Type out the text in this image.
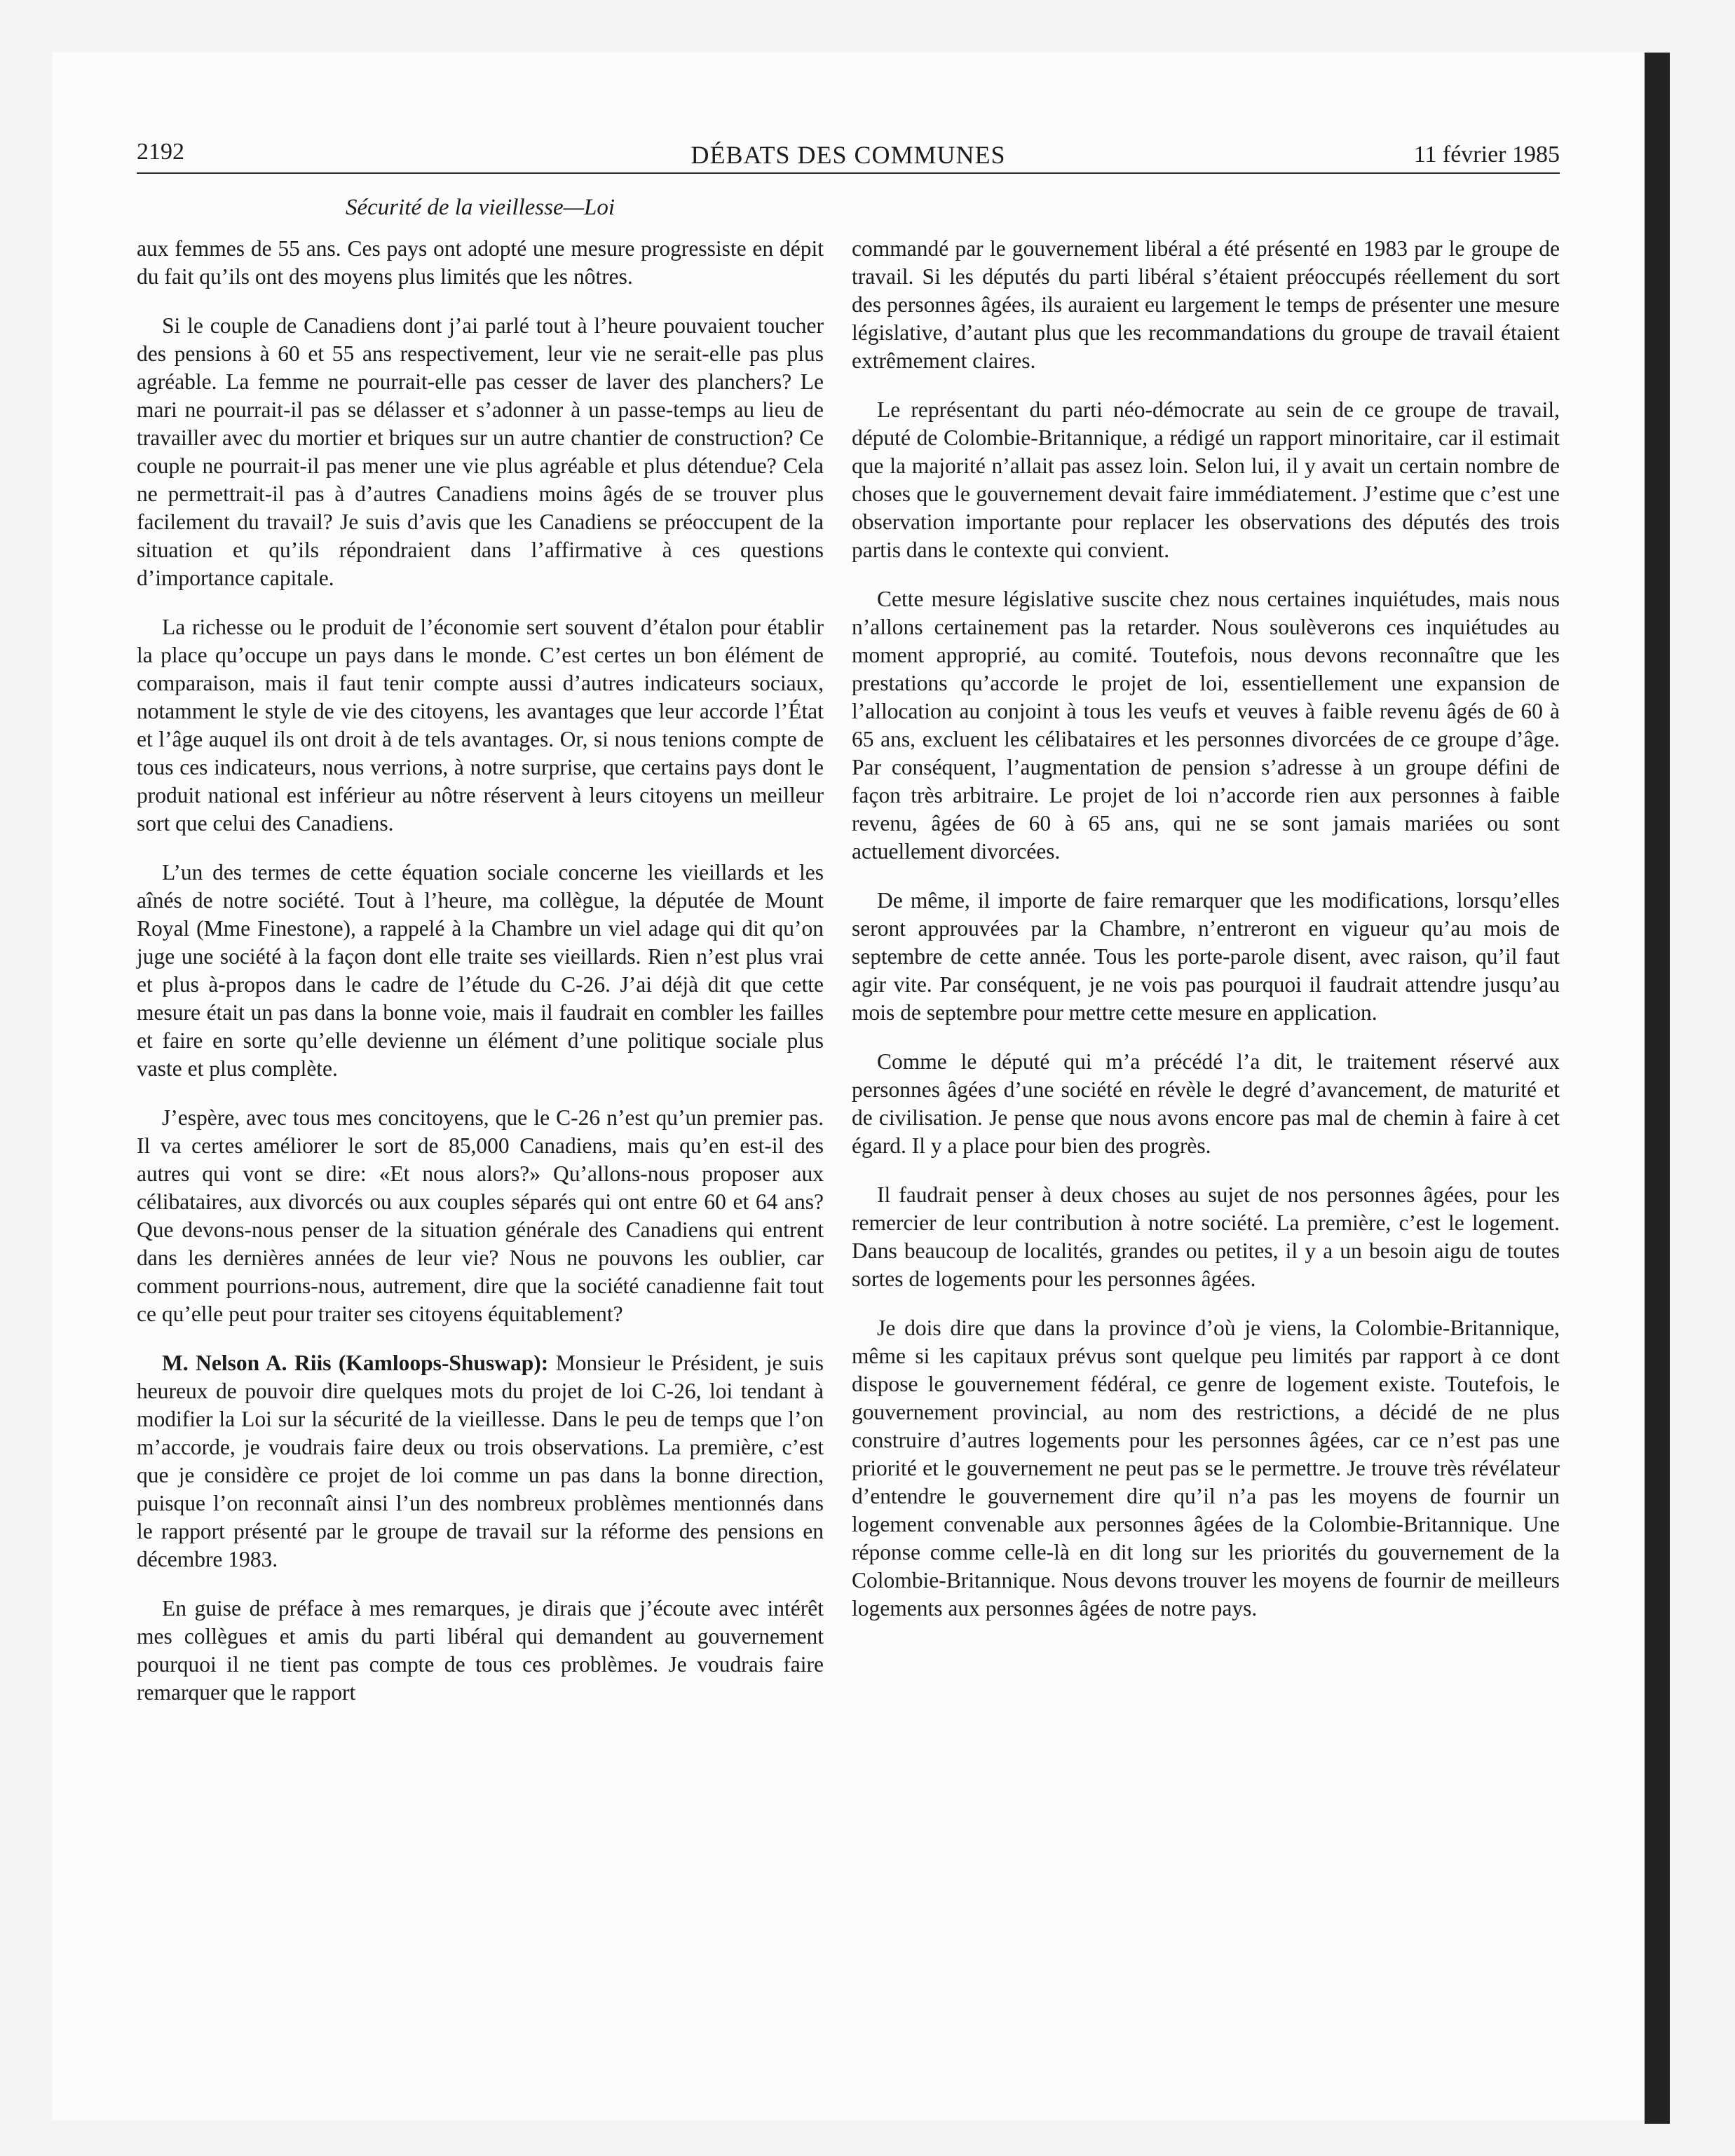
2192	DÉBATS DES COMMUNES	11 février 1985
Sécurité de la vieillesse—Loi

aux femmes de 55 ans. Ces pays ont adopté une mesure progressiste en dépit du fait qu’ils ont des moyens plus limités que les nôtres.

Si le couple de Canadiens dont j’ai parlé tout à l’heure pouvaient toucher des pensions à 60 et 55 ans respectivement, leur vie ne serait-elle pas plus agréable. La femme ne pourrait-elle pas cesser de laver des planchers? Le mari ne pourrait-il pas se délasser et s’adonner à un passe-temps au lieu de travailler avec du mortier et briques sur un autre chantier de construction? Ce couple ne pourrait-il pas mener une vie plus agréable et plus détendue? Cela ne permettrait-il pas à d’autres Canadiens moins âgés de se trouver plus facilement du travail? Je suis d’avis que les Canadiens se préoccupent de la situation et qu’ils répondraient dans l’affirmative à ces questions d’importance capitale.

La richesse ou le produit de l’économie sert souvent d’étalon pour établir la place qu’occupe un pays dans le monde. C’est certes un bon élément de comparaison, mais il faut tenir compte aussi d’autres indicateurs sociaux, notamment le style de vie des citoyens, les avantages que leur accorde l’État et l’âge auquel ils ont droit à de tels avantages. Or, si nous tenions compte de tous ces indicateurs, nous verrions, à notre surprise, que certains pays dont le produit national est inférieur au nôtre réservent à leurs citoyens un meilleur sort que celui des Canadiens.

L’un des termes de cette équation sociale concerne les vieillards et les aînés de notre société. Tout à l’heure, ma collègue, la députée de Mount Royal (Mme Finestone), a rappelé à la Chambre un viel adage qui dit qu’on juge une société à la façon dont elle traite ses vieillards. Rien n’est plus vrai et plus à-propos dans le cadre de l’étude du C-26. J’ai déjà dit que cette mesure était un pas dans la bonne voie, mais il faudrait en combler les failles et faire en sorte qu’elle devienne un élément d’une politique sociale plus vaste et plus complète.

J’espère, avec tous mes concitoyens, que le C-26 n’est qu’un premier pas. Il va certes améliorer le sort de 85,000 Canadiens, mais qu’en est-il des autres qui vont se dire: «Et nous alors?» Qu’allons-nous proposer aux célibataires, aux divorcés ou aux couples séparés qui ont entre 60 et 64 ans? Que devons-nous penser de la situation générale des Canadiens qui entrent dans les dernières années de leur vie? Nous ne pouvons les oublier, car comment pourrions-nous, autrement, dire que la société canadienne fait tout ce qu’elle peut pour traiter ses citoyens équitablement?

M. Nelson A. Riis (Kamloops-Shuswap): Monsieur le Président, je suis heureux de pouvoir dire quelques mots du projet de loi C-26, loi tendant à modifier la Loi sur la sécurité de la vieillesse. Dans le peu de temps que l’on m’accorde, je voudrais faire deux ou trois observations. La première, c’est que je considère ce projet de loi comme un pas dans la bonne direction, puisque l’on reconnaît ainsi l’un des nombreux problèmes mentionnés dans le rapport présenté par le groupe de travail sur la réforme des pensions en décembre 1983.

En guise de préface à mes remarques, je dirais que j’écoute avec intérêt mes collègues et amis du parti libéral qui demandent au gouvernement pourquoi il ne tient pas compte de tous ces problèmes. Je voudrais faire remarquer que le rapport

commandé par le gouvernement libéral a été présenté en 1983 par le groupe de travail. Si les députés du parti libéral s’étaient préoccupés réellement du sort des personnes âgées, ils auraient eu largement le temps de présenter une mesure législative, d’autant plus que les recommandations du groupe de travail étaient extrêmement claires.

Le représentant du parti néo-démocrate au sein de ce groupe de travail, député de Colombie-Britannique, a rédigé un rapport minoritaire, car il estimait que la majorité n’allait pas assez loin. Selon lui, il y avait un certain nombre de choses que le gouvernement devait faire immédiatement. J’estime que c’est une observation importante pour replacer les observations des députés des trois partis dans le contexte qui convient.

Cette mesure législative suscite chez nous certaines inquiétudes, mais nous n’allons certainement pas la retarder. Nous soulèverons ces inquiétudes au moment approprié, au comité. Toutefois, nous devons reconnaître que les prestations qu’accorde le projet de loi, essentiellement une expansion de l’allocation au conjoint à tous les veufs et veuves à faible revenu âgés de 60 à 65 ans, excluent les célibataires et les personnes divorcées de ce groupe d’âge. Par conséquent, l’augmentation de pension s’adresse à un groupe défini de façon très arbitraire. Le projet de loi n’accorde rien aux personnes à faible revenu, âgées de 60 à 65 ans, qui ne se sont jamais mariées ou sont actuellement divorcées.

De même, il importe de faire remarquer que les modifications, lorsqu’elles seront approuvées par la Chambre, n’entreront en vigueur qu’au mois de septembre de cette année. Tous les porte-parole disent, avec raison, qu’il faut agir vite. Par conséquent, je ne vois pas pourquoi il faudrait attendre jusqu’au mois de septembre pour mettre cette mesure en application.

Comme le député qui m’a précédé l’a dit, le traitement réservé aux personnes âgées d’une société en révèle le degré d’avancement, de maturité et de civilisation. Je pense que nous avons encore pas mal de chemin à faire à cet égard. Il y a place pour bien des progrès.

Il faudrait penser à deux choses au sujet de nos personnes âgées, pour les remercier de leur contribution à notre société. La première, c’est le logement. Dans beaucoup de localités, grandes ou petites, il y a un besoin aigu de toutes sortes de logements pour les personnes âgées.

Je dois dire que dans la province d’où je viens, la Colombie-Britannique, même si les capitaux prévus sont quelque peu limités par rapport à ce dont dispose le gouvernement fédéral, ce genre de logement existe. Toutefois, le gouvernement provincial, au nom des restrictions, a décidé de ne plus construire d’autres logements pour les personnes âgées, car ce n’est pas une priorité et le gouvernement ne peut pas se le permettre. Je trouve très révélateur d’entendre le gouvernement dire qu’il n’a pas les moyens de fournir un logement convenable aux personnes âgées de la Colombie-Britannique. Une réponse comme celle-là en dit long sur les priorités du gouvernement de la Colombie-Britannique. Nous devons trouver les moyens de fournir de meilleurs logements aux personnes âgées de notre pays.
